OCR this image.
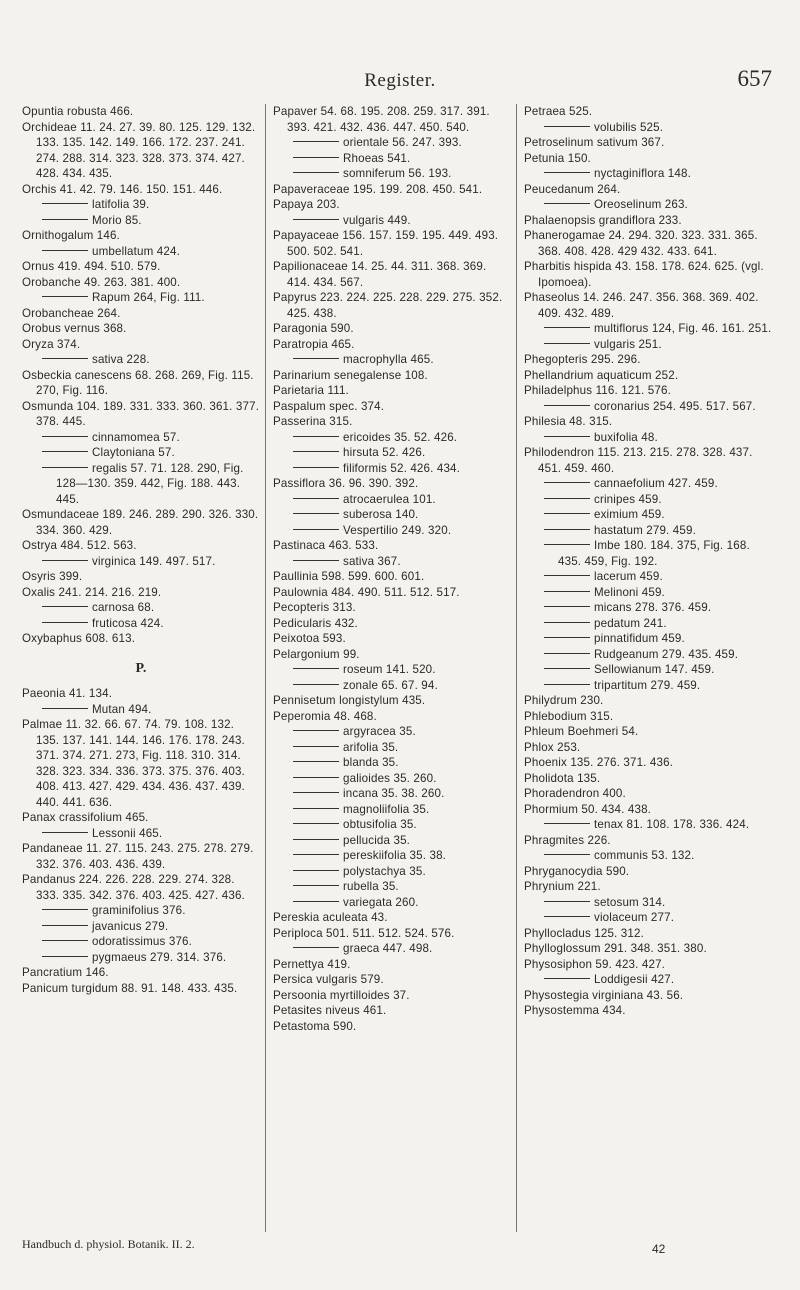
Register.	657
Opuntia robusta 466.
Orchideae 11. 24. 27. 39. 80. 125. 129. 132. 133. 135. 142. 149. 166. 172. 237. 241. 274. 288. 314. 323. 328. 373. 374. 427. 428. 434. 435.
Orchis 41. 42. 79. 146. 150. 151. 446.
latifolia 39.
Morio 85.
Ornithogalum 146.
umbellatum 424.
Ornus 419. 494. 510. 579.
Orobanche 49. 263. 381. 400.
Rapum 264, Fig. 111.
Orobancheae 264.
Orobus vernus 368.
Oryza 374.
sativa 228.
Osbeckia canescens 68. 268. 269, Fig. 115. 270, Fig. 116.
Osmunda 104. 189. 331. 333. 360. 361. 377. 378. 445.
cinnamomea 57.
Claytoniana 57.
regalis 57. 71. 128. 290, Fig. 128—130. 359. 442, Fig. 188. 443. 445.
Osmundaceae 189. 246. 289. 290. 326. 330. 334. 360. 429.
Ostrya 484. 512. 563.
virginica 149. 497. 517.
Osyris 399.
Oxalis 241. 214. 216. 219.
carnosa 68.
fruticosa 424.
Oxybaphus 608. 613.
P.
Paeonia 41. 134.
Mutan 494.
Palmae 11. 32. 66. 67. 74. 79. 108. 132. 135. 137. 141. 144. 146. 176. 178. 243. 371. 374. 271. 273, Fig. 118. 310. 314. 328. 323. 334. 336. 373. 375. 376. 403. 408. 413. 427. 429. 434. 436. 437. 439. 440. 441. 636.
Panax crassifolium 465.
Lessonii 465.
Pandaneae 11. 27. 115. 243. 275. 278. 279. 332. 376. 403. 436. 439.
Pandanus 224. 226. 228. 229. 274. 328. 333. 335. 342. 376. 403. 425. 427. 436.
graminifolius 376.
javanicus 279.
odoratissimus 376.
pygmaeus 279. 314. 376.
Pancratium 146.
Panicum turgidum 88. 91. 148. 433. 435.
Papaver 54. 68. 195. 208. 259. 317. 391. 393. 421. 432. 436. 447. 450. 540.
orientale 56. 247. 393.
Rhoeas 541.
somniferum 56. 193.
Papaveraceae 195. 199. 208. 450. 541.
Papaya 203.
vulgaris 449.
Papayaceae 156. 157. 159. 195. 449. 493. 500. 502. 541.
Papilionaceae 14. 25. 44. 311. 368. 369. 414. 434. 567.
Papyrus 223. 224. 225. 228. 229. 275. 352. 425. 438.
Paragonia 590.
Paratropia 465.
macrophylla 465.
Parinarium senegalense 108.
Parietaria 111.
Paspalum spec. 374.
Passerina 315.
ericoides 35. 52. 426.
hirsuta 52. 426.
filiformis 52. 426. 434.
Passiflora 36. 96. 390. 392.
atrocaerulea 101.
suberosa 140.
Vespertilio 249. 320.
Pastinaca 463. 533.
sativa 367.
Paullinia 598. 599. 600. 601.
Paulownia 484. 490. 511. 512. 517.
Pecopteris 313.
Pedicularis 432.
Peixotoa 593.
Pelargonium 99.
roseum 141. 520.
zonale 65. 67. 94.
Pennisetum longistylum 435.
Peperomia 48. 468.
argyracea 35.
arifolia 35.
blanda 35.
galioides 35. 260.
incana 35. 38. 260.
magnoliifolia 35.
obtusifolia 35.
pellucida 35.
pereskiifolia 35. 38.
polystachya 35.
rubella 35.
variegata 260.
Pereskia aculeata 43.
Periploca 501. 511. 512. 524. 576.
graeca 447. 498.
Pernettya 419.
Persica vulgaris 579.
Persoonia myrtilloides 37.
Petasites niveus 461.
Petastoma 590.
Petraea 525.
volubilis 525.
Petroselinum sativum 367.
Petunia 150.
nyctaginiflora 148.
Peucedanum 264.
Oreoselinum 263.
Phalaenopsis grandiflora 233.
Phanerogamae 24. 294. 320. 323. 331. 365. 368. 408. 428. 429 432. 433. 641.
Pharbitis hispida 43. 158. 178. 624. 625. (vgl. Ipomoea).
Phaseolus 14. 246. 247. 356. 368. 369. 402. 409. 432. 489.
multiflorus 124, Fig. 46. 161. 251.
vulgaris 251.
Phegopteris 295. 296.
Phellandrium aquaticum 252.
Philadelphus 116. 121. 576.
coronarius 254. 495. 517. 567.
Philesia 48. 315.
buxifolia 48.
Philodendron 115. 213. 215. 278. 328. 437. 451. 459. 460.
cannaefolium 427. 459.
crinipes 459.
eximium 459.
hastatum 279. 459.
Imbe 180. 184. 375, Fig. 168. 435. 459, Fig. 192.
lacerum 459.
Melinoni 459.
micans 278. 376. 459.
pedatum 241.
pinnatifidum 459.
Rudgeanum 279. 435. 459.
Sellowianum 147. 459.
tripartitum 279. 459.
Philydrum 230.
Phlebodium 315.
Phleum Boehmeri 54.
Phlox 253.
Phoenix 135. 276. 371. 436.
Pholidota 135.
Phoradendron 400.
Phormium 50. 434. 438.
tenax 81. 108. 178. 336. 424.
Phragmites 226.
communis 53. 132.
Phryganocydia 590.
Phrynium 221.
setosum 314.
violaceum 277.
Phyllocladus 125. 312.
Phylloglossum 291. 348. 351. 380.
Physosiphon 59. 423. 427.
Loddigesii 427.
Physostegia virginiana 43. 56.
Physostemma 434.
Handbuch d. physiol. Botanik. II. 2.	42
